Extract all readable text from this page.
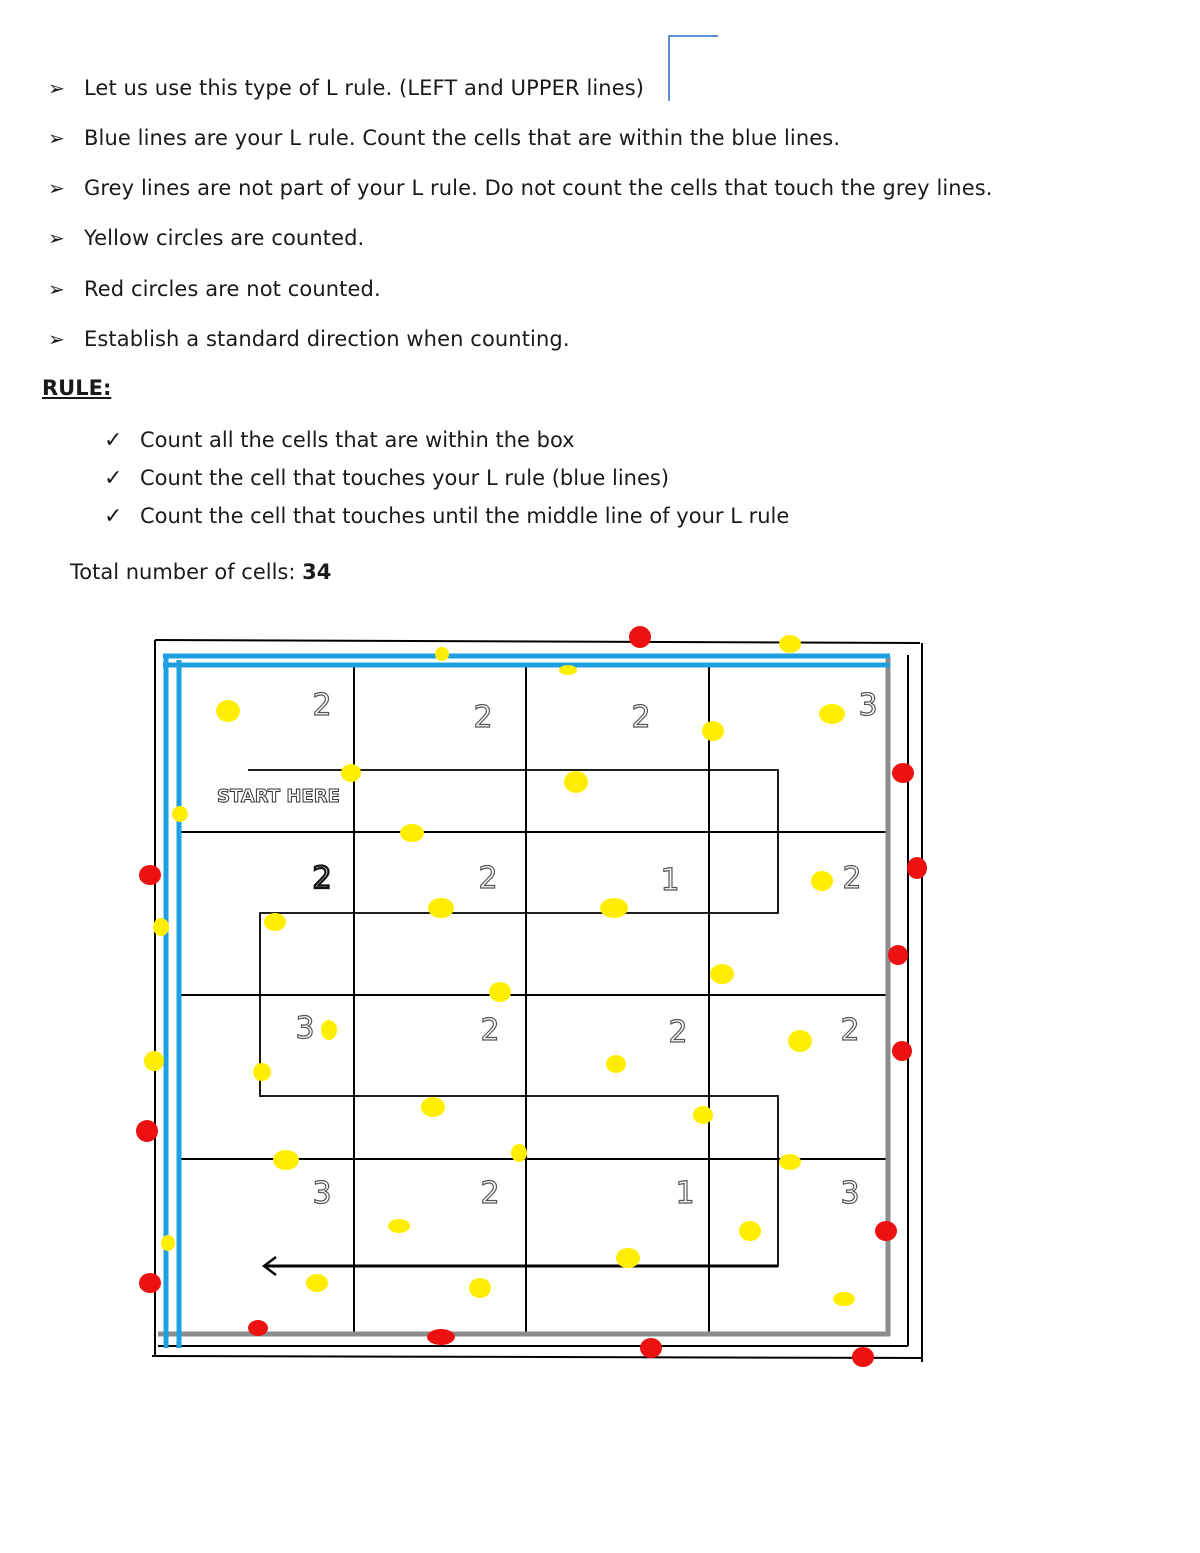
➢ Let us use this type of L rule. (LEFT and UPPER lines)
➢ Blue lines are your L rule. Count the cells that are within the blue lines.
➢ Grey lines are not part of your L rule. Do not count the cells that touch the grey lines.
➢ Yellow circles are counted.
➢ Red circles are not counted.
➢ Establish a standard direction when counting.
RULE:
✓ Count all the cells that are within the box
✓ Count the cell that touches your L rule (blue lines)
✓ Count the cell that touches until the middle line of your L rule
Total number of cells: 34
2	2	2	3
2	2	1	2
3	2	2	2
3	2	1	3
START HERE
